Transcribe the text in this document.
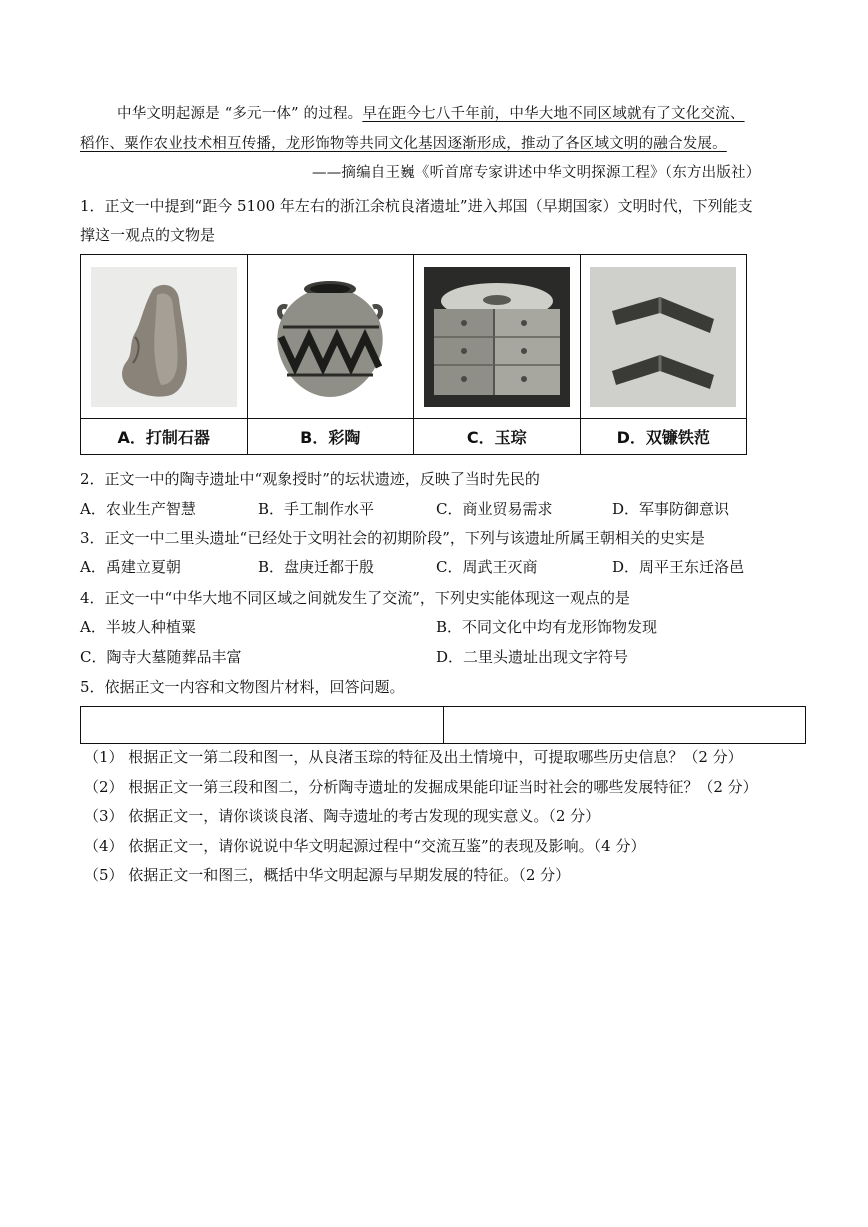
中华文明起源是 “多元一体” 的过程。早在距今七八千年前，中华大地不同区域就有了文化交流、
稻作、粟作农业技术相互传播，龙形饰物等共同文化基因逐渐形成，推动了各区域文明的融合发展。
——摘编自王巍《听首席专家讲述中华文明探源工程》（东方出版社）
1．正文一中提到“距今 5100 年左右的浙江余杭良渚遗址”进入邦国（早期国家）文明时代，下列能支
撑这一观点的文物是
A．打制石器	B．彩陶	C．玉琮	D．双镰铁范
2．正文一中的陶寺遗址中“观象授时”的坛状遗迹，反映了当时先民的
A．农业生产智慧	B．手工制作水平	C．商业贸易需求	D．军事防御意识
3．正文一中二里头遗址“已经处于文明社会的初期阶段”，下列与该遗址所属王朝相关的史实是
A．禹建立夏朝	B．盘庚迁都于殷	C．周武王灭商	D．周平王东迁洛邑
4．正文一中“中华大地不同区域之间就发生了交流”，下列史实能体现这一观点的是
A．半坡人种植粟	B．不同文化中均有龙形饰物发现
C．陶寺大墓随葬品丰富	D．二里头遗址出现文字符号
5．依据正文一内容和文物图片材料，回答问题。
（1） 根据正文一第二段和图一，从良渚玉琮的特征及出土情境中，可提取哪些历史信息？（2 分）
（2） 根据正文一第三段和图二，分析陶寺遗址的发掘成果能印证当时社会的哪些发展特征？（2 分）
（3） 依据正文一，请你谈谈良渚、陶寺遗址的考古发现的现实意义。（2 分）
（4） 依据正文一，请你说说中华文明起源过程中“交流互鉴”的表现及影响。（4 分）
（5） 依据正文一和图三，概括中华文明起源与早期发展的特征。（2 分）
